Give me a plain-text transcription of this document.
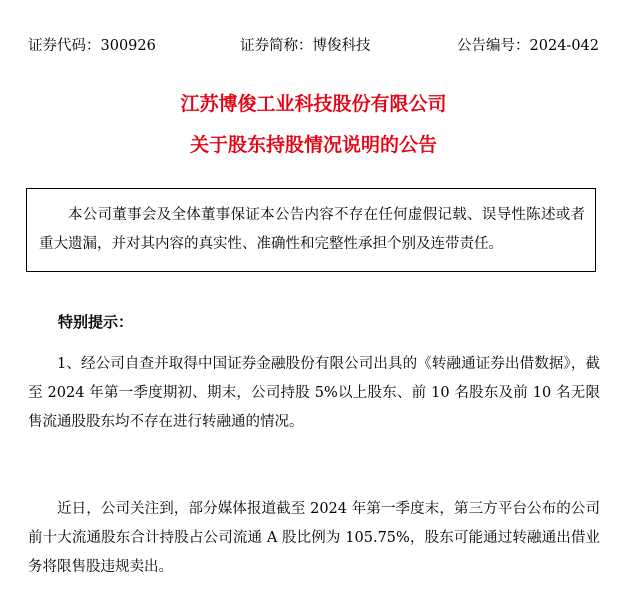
证券代码：300926	证券简称：博俊科技	公告编号：2024-042
江苏博俊工业科技股份有限公司
关于股东持股情况说明的公告
本公司董事会及全体董事保证本公告内容不存在任何虚假记载、误导性陈述或者重大遗漏，并对其内容的真实性、准确性和完整性承担个别及连带责任。
特别提示：

1、经公司自查并取得中国证券金融股份有限公司出具的《转融通证券出借数据》，截至 2024 年第一季度期初、期末，公司持股 5%以上股东、前 10 名股东及前 10 名无限售流通股股东均不存在进行转融通的情况。

近日，公司关注到，部分媒体报道截至 2024 年第一季度末，第三方平台公布的公司前十大流通股东合计持股占公司流通 A 股比例为 105.75%，股东可能通过转融通出借业务将限售股违规卖出。
